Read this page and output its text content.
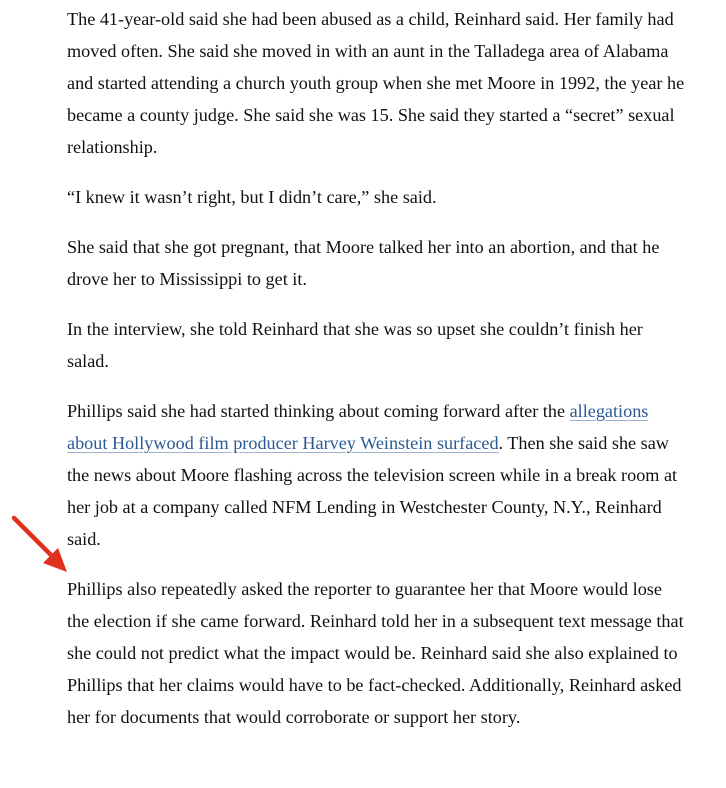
The 41-year-old said she had been abused as a child, Reinhard said. Her family had moved often. She said she moved in with an aunt in the Talladega area of Alabama and started attending a church youth group when she met Moore in 1992, the year he became a county judge. She said she was 15. She said they started a “secret” sexual relationship.

“I knew it wasn’t right, but I didn’t care,” she said.

She said that she got pregnant, that Moore talked her into an abortion, and that he drove her to Mississippi to get it.

In the interview, she told Reinhard that she was so upset she couldn’t finish her salad.

Phillips said she had started thinking about coming forward after the allegations about Hollywood film producer Harvey Weinstein surfaced. Then she said she saw the news about Moore flashing across the television screen while in a break room at her job at a company called NFM Lending in Westchester County, N.Y., Reinhard said.

Phillips also repeatedly asked the reporter to guarantee her that Moore would lose the election if she came forward. Reinhard told her in a subsequent text message that she could not predict what the impact would be. Reinhard said she also explained to Phillips that her claims would have to be fact-checked. Additionally, Reinhard asked her for documents that would corroborate or support her story.
